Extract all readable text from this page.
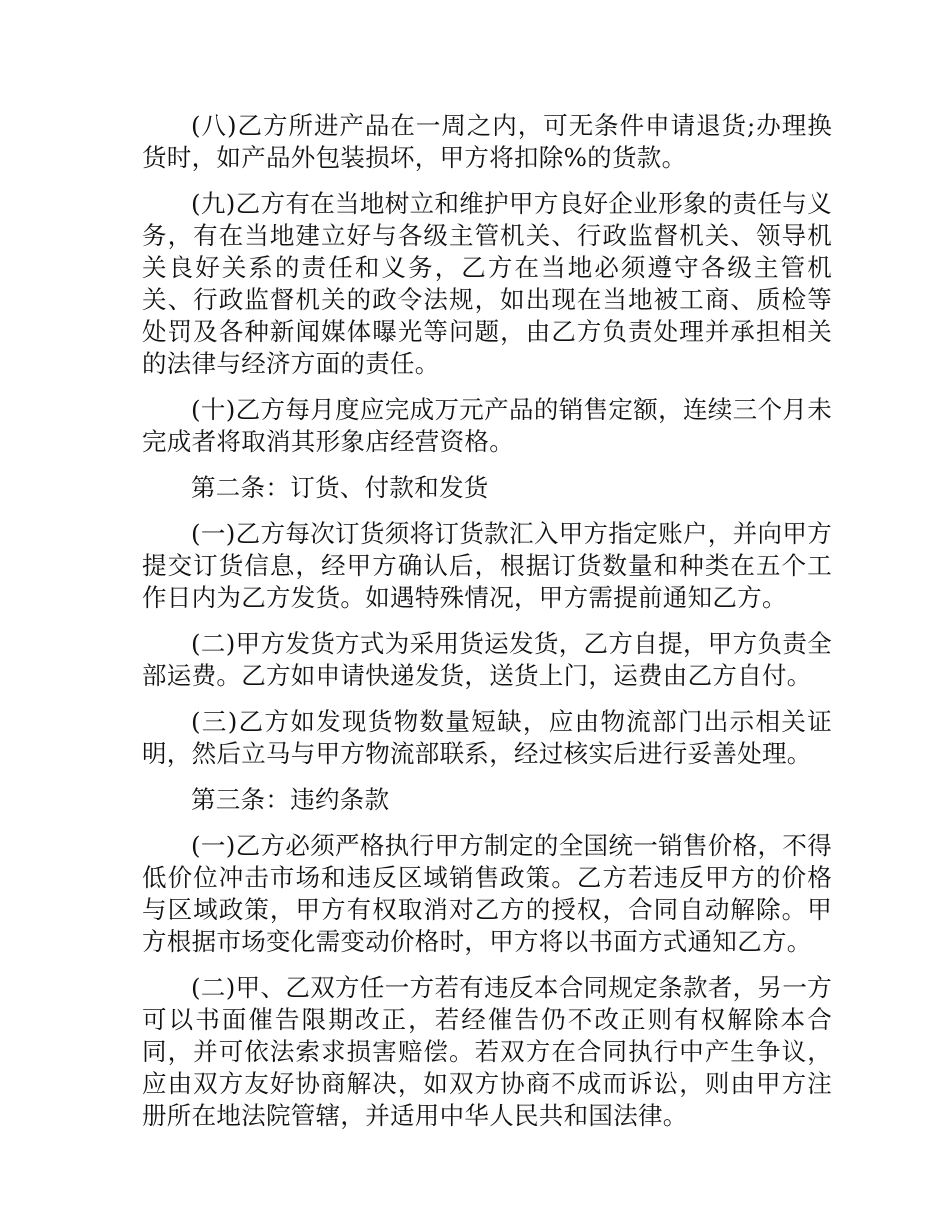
(八)乙方所进产品在一周之内，可无条件申请退货;办理换货时，如产品外包装损坏，甲方将扣除%的货款。

(九)乙方有在当地树立和维护甲方良好企业形象的责任与义务，有在当地建立好与各级主管机关、行政监督机关、领导机关良好关系的责任和义务，乙方在当地必须遵守各级主管机关、行政监督机关的政令法规，如出现在当地被工商、质检等处罚及各种新闻媒体曝光等问题，由乙方负责处理并承担相关的法律与经济方面的责任。

(十)乙方每月度应完成万元产品的销售定额，连续三个月未完成者将取消其形象店经营资格。

第二条：订货、付款和发货

(一)乙方每次订货须将订货款汇入甲方指定账户，并向甲方提交订货信息，经甲方确认后，根据订货数量和种类在五个工作日内为乙方发货。如遇特殊情况，甲方需提前通知乙方。

(二)甲方发货方式为采用货运发货，乙方自提，甲方负责全部运费。乙方如申请快递发货，送货上门，运费由乙方自付。

(三)乙方如发现货物数量短缺，应由物流部门出示相关证明，然后立马与甲方物流部联系，经过核实后进行妥善处理。

第三条：违约条款

(一)乙方必须严格执行甲方制定的全国统一销售价格，不得低价位冲击市场和违反区域销售政策。乙方若违反甲方的价格与区域政策，甲方有权取消对乙方的授权，合同自动解除。甲方根据市场变化需变动价格时，甲方将以书面方式通知乙方。

(二)甲、乙双方任一方若有违反本合同规定条款者，另一方可以书面催告限期改正，若经催告仍不改正则有权解除本合同，并可依法索求损害赔偿。若双方在合同执行中产生争议，应由双方友好协商解决，如双方协商不成而诉讼，则由甲方注册所在地法院管辖，并适用中华人民共和国法律。
